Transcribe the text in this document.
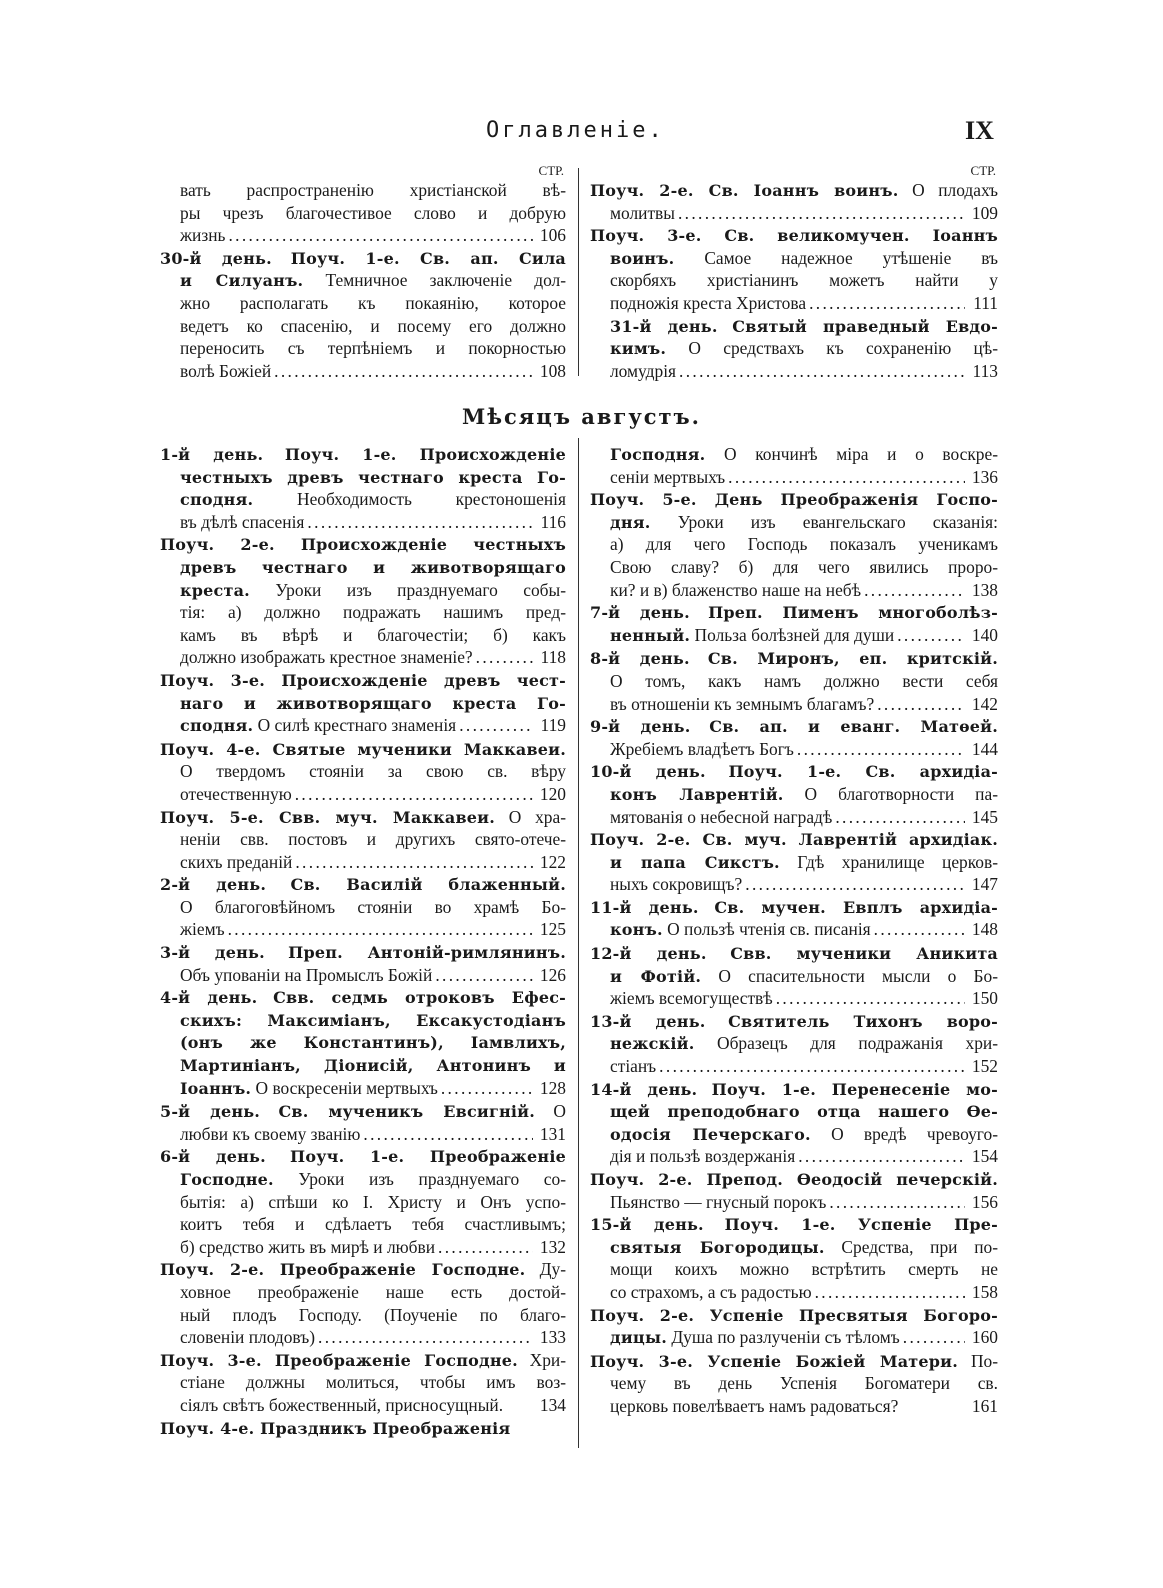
Оглавленіе.	IX
СТР.
вать распространенію христіанской вѣ-
ры чрезъ благочестивое слово и добрую
жизнь . . .	106
30-й день. Поуч. 1-е. Св. ап. Сила
и Силуанъ. Темничное заключеніе дол-
жно располагать къ покаянію, которое
ведетъ ко спасенію, и посему его должно
переносить съ терпѣніемъ и покорностью
волѣ Божіей . . .	108
СТР.
Поуч. 2-е. Св. Іоаннъ воинъ. О плодахъ
молитвы . . .	109
Поуч. 3-е. Св. великомучен. Іоаннъ
воинъ. Самое надежное утѣшеніе въ
скорбяхъ христіанинъ можетъ найти у
подножія креста Христова . . .	111
31-й день. Святый праведный Евдо-
кимъ. О средствахъ къ сохраненію цѣ-
ломудрія . . .	113
Мѣсяцъ августъ.
1-й день. Поуч. 1-е. Происхожденіе
честныхъ древъ честнаго креста Го-
сподня. Необходимость крестоношенія
въ дѣлѣ спасенія . . .	116
Поуч. 2-е. Происхожденіе честныхъ
древъ честнаго и животворящаго
креста. Уроки изъ празднуемаго собы-
тія: а) должно подражать нашимъ пред-
камъ въ вѣрѣ и благочестіи; б) какъ
должно изображать крестное знаменіе? . . .	118
Поуч. 3-е. Происхожденіе древъ чест-
наго и животворящаго креста Го-
сподня. О силѣ крестнаго знаменія . . .	119
Поуч. 4-е. Святые мученики Маккавеи.
О твердомъ стояніи за свою св. вѣру
отечественную . . .	120
Поуч. 5-е. Свв. муч. Маккавеи. О хра-
неніи свв. постовъ и другихъ свято-отече-
скихъ преданій . . .	122
2-й день. Св. Василій блаженный.
О благоговѣйномъ стояніи во храмѣ Бо-
жіемъ . . .	125
3-й день. Преп. Антоній-римлянинъ.
Объ упованіи на Промыслъ Божій . . .	126
4-й день. Свв. седмь отроковъ Ефес-
скихъ: Максиміанъ, Ексакустодіанъ
(онъ же Константинъ), Іамвлихъ,
Мартиніанъ, Діонисій, Антонинъ и
Іоаннъ. О воскресеніи мертвыхъ . . .	128
5-й день. Св. мученикъ Евсигній. О
любви къ своему званію . . .	131
6-й день. Поуч. 1-е. Преображеніе
Господне. Уроки изъ празднуемаго со-
бытія: а) спѣши ко І. Христу и Онъ успо-
коитъ тебя и сдѣлаетъ тебя счастливымъ;
б) средство жить въ мирѣ и любви . . .	132
Поуч. 2-е. Преображеніе Господне. Ду-
ховное преображеніе наше есть достой-
ный плодъ Господу. (Поученіе по благо-
словеніи плодовъ) . . .	133
Поуч. 3-е. Преображеніе Господне. Хри-
стіане должны молиться, чтобы имъ воз-
сіялъ свѣтъ божественный, присносущный. 134
Поуч. 4-е. Праздникъ Преображенія
Господня. О кончинѣ міра и о воскре-
сеніи мертвыхъ . . .	136
Поуч. 5-е. День Преображенія Госпо-
дня. Уроки изъ евангельскаго сказанія:
а) для чего Господь показалъ ученикамъ
Свою славу? б) для чего явились проро-
ки? и в) блаженство наше на небѣ . . .	138
7-й день. Преп. Пименъ многоболѣз-
ненный. Польза болѣзней для души . . .	140
8-й день. Св. Миронъ, еп. критскій.
О томъ, какъ намъ должно вести себя
въ отношеніи къ земнымъ благамъ? . . .	142
9-й день. Св. ап. и еванг. Матѳей.
Жребіемъ владѣетъ Богъ . . .	144
10-й день. Поуч. 1-е. Св. архидіа-
конъ Лаврентій. О благотворности па-
мятованія о небесной наградѣ . . .	145
Поуч. 2-е. Св. муч. Лаврентій архидіак.
и папа Сикстъ. Гдѣ хранилище церков-
ныхъ сокровищъ? . . .	147
11-й день. Св. мучен. Евплъ архидіа-
конъ. О пользѣ чтенія св. писанія . . .	148
12-й день. Свв. мученики Аникита
и Фотій. О спасительности мысли о Бо-
жіемъ всемогуществѣ . . .	150
13-й день. Святитель Тихонъ воро-
нежскій. Образецъ для подражанія хри-
стіанъ . . .	152
14-й день. Поуч. 1-е. Перенесеніе мо-
щей преподобнаго отца нашего Ѳе-
одосія Печерскаго. О вредѣ чревоуго-
дія и пользѣ воздержанія . . .	154
Поуч. 2-е. Препод. Ѳеодосій печерскій.
Пьянство — гнусный порокъ . . .	156
15-й день. Поуч. 1-е. Успеніе Пре-
святыя Богородицы. Средства, при по-
мощи коихъ можно встрѣтить смерть не
со страхомъ, а съ радостью . . .	158
Поуч. 2-е. Успеніе Пресвятыя Богоро-
дицы. Душа по разлученіи съ тѣломъ . . .	160
Поуч. 3-е. Успеніе Божіей Матери. По-
чему въ день Успенія Богоматери св.
церковь повелѣваетъ намъ радоваться?	161
